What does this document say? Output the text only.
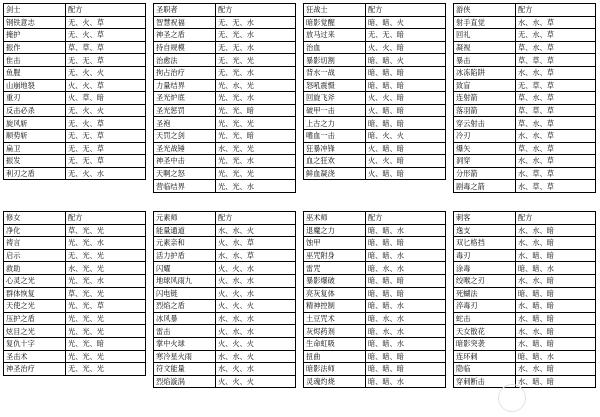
剑士	配方
钢铁意志	无、火、草
掩护	无、火、草
振作	草、草、草
隹击	无、无、草
鱼腥	无、火、火
山崩地裂	火、火、草
重刃	火、草、暗
反击必杀	无、火、火
旋风斩	无、火、草
顺势斩	无、无、草
扁卫	无、无、草
振发	无、无、草
利刃之盾	无、火、水
圣职者	配方
智慧祝福	无、无、水
神圣之盾	无、光、水
持自规模	无、无、水
治愈法	无、光、光
拘占治疗	无、光、水
力量结界	光、水、光
圣光炉底	光、光、水
圣光惩罚	光、光、暗
圣袍	光、光、光
天罚之剑	光、光、暗
圣光战锤	水、光、光
神圣中击	光、光、水
天啊之怒	光、光、光
营临结界	光、光、水
狂战士	配方
暗影觉醒	暗、暗、火
放马过来	无、无、暗
治血	火、火、暗
暴影切割	暗、暗、火
背水一战	暗、暗、暗
怒吼震慑	暗、暗、暗
回旋飞斧	火、火、暗
破甲一击	火、暗、暗
上古之力	暗、暗、暗
嗜血一击	暗、火、火
狂暴冲锋	火、暗、暗
血之狂欢	火、火、暗
鲜血凝浇	火、暗、暗
游侠	配方
射手直觉	水、水、草
回礼	无、水、草
凝视	草、水、草
暴击	草、草、草
冰冻陷阱	水、水、草
致盲	无、草、草
连射箭	草、水、草
落羽箭	草、草、草
穿云射击	草、水、草
冷刃	水、水、草
爆矢	草、水、草
洞穿	水、水、草
分形箭	水、草、草
剧毒之箭	水、草、草
修女	配方
净化	草、光、光
祷言	光、光、水
启示	无、光、光
救助	水、光、光
心灵之光	光、光、水
群体恢复	草、光、光
天使之光	光、光、草
压护之盾	光、光、光
炫目之光	光、光、光
复仇十字	光、光、暗
圣击术	光、光、光
神圣治疗	无、光、光
元素师	配方
能量通道	水、水、火
元素亲和	火、水、草
活力护盾	水、水、草
闪耀	火、火、水
地球风雨九	火、水、水
闪电链	火、火、水
烈焰之盾	火、火、火
冰风暴	水、水、水
雷击	火、水、水
掌中火球	火、火、火
寒冷星火雨	水、水、火
符文能量	水、火、水
烈焰漩涡	火、火、火
巫术师	配方
退魔之力	暗、暗、水
蚀甲	暗、暗、暗
巫咒附身	暗、暗、水
雷咒	暗、水、水
暴影爆破	暗、暗、暗
亮灰复体	暗、暗、暗
精神控制	暗、暗、水
土豆咒术	暗、水、水
灰烬药剂	暗、水、水
生命虹吸	暗、暗、水
扭曲	暗、暗、暗
暗影法师	暗、暗、暗
灵魂灼烧	暗、暗、水
刺客	配方
逸支	水、水、暗
双匕格挡	水、水、暗
毒刃	水、暗、暗
涂毒	暗、暗、水
绞喉之刃	水、水、暗
死蝴法	暗、暗、暗
淬毒刃	水、暗、暗
蛇击	水、暗、暗
天女散花	水、水、暗
暗影突袭	水、暗、暗
连环刺	暗、暗、水
隐临	水、水、暗
穿刺断击	水、暗、暗
